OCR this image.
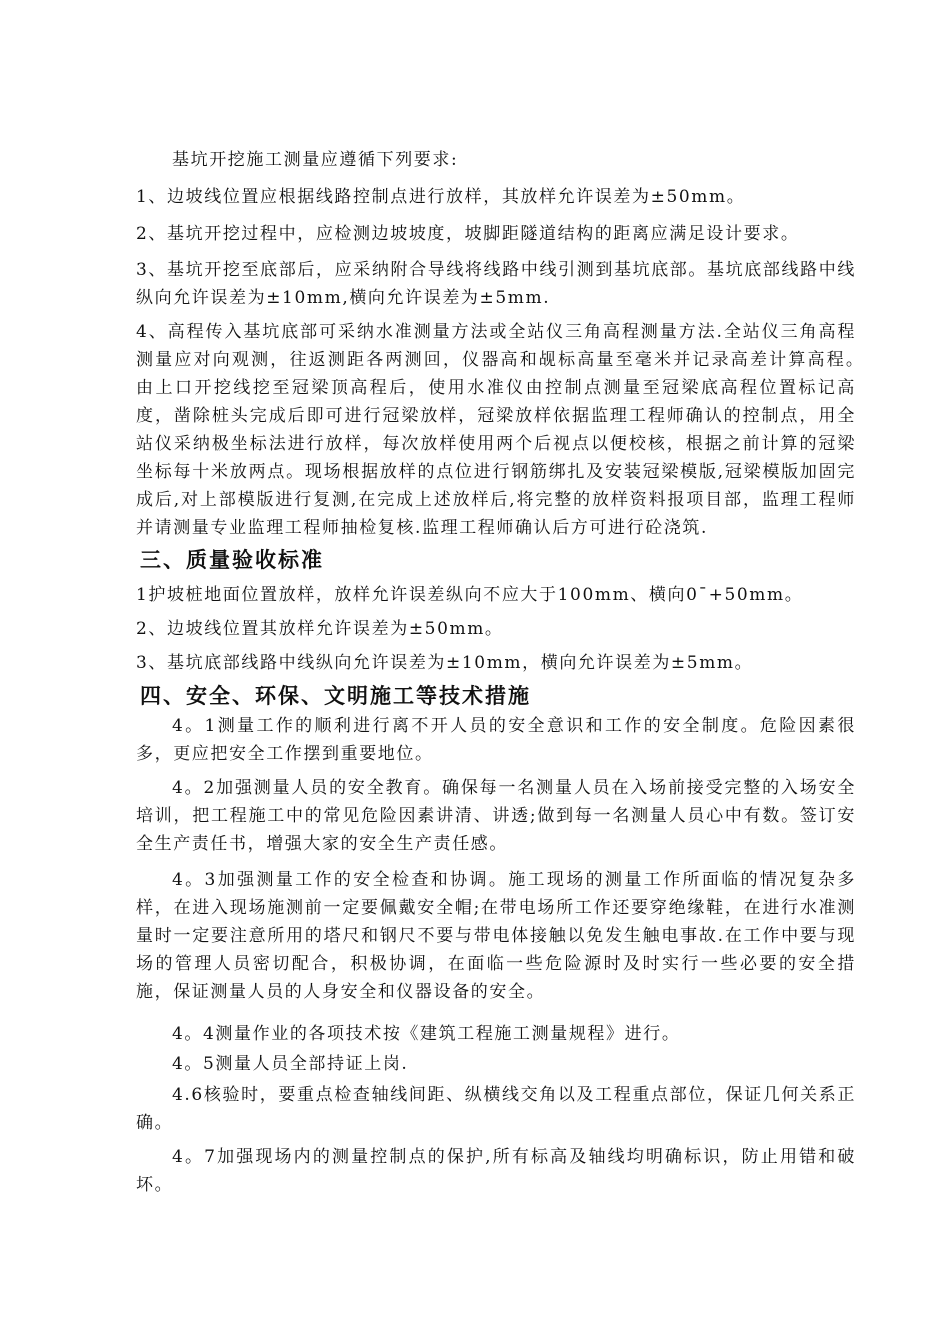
基坑开挖施工测量应遵循下列要求:

1、边坡线位置应根据线路控制点进行放样，其放样允许误差为±50mm。

2、基坑开挖过程中，应检测边坡坡度，坡脚距隧道结构的距离应满足设计要求。

3、基坑开挖至底部后，应采纳附合导线将线路中线引测到基坑底部。基坑底部线路中线纵向允许误差为±10mm,横向允许误差为±5mm.

4、高程传入基坑底部可采纳水准测量方法或全站仪三角高程测量方法.全站仪三角高程测量应对向观测，往返测距各两测回，仪器高和觇标高量至毫米并记录高差计算高程。　　由上口开挖线挖至冠梁顶高程后，使用水准仪由控制点测量至冠梁底高程位置标记高度，凿除桩头完成后即可进行冠梁放样，冠梁放样依据监理工程师确认的控制点，用全站仪采纳极坐标法进行放样，每次放样使用两个后视点以便校核，根据之前计算的冠梁坐标每十米放两点。现场根据放样的点位进行钢筋绑扎及安装冠梁模版,冠梁模版加固完成后,对上部模版进行复测,在完成上述放样后,将完整的放样资料报项目部，监理工程师并请测量专业监理工程师抽检复核.监理工程师确认后方可进行砼浇筑.

三、质量验收标准

1护坡桩地面位置放样，放样允许误差纵向不应大于100mm、横向0¯+50mm。

2、边坡线位置其放样允许误差为±50mm。

3、基坑底部线路中线纵向允许误差为±10mm，横向允许误差为±5mm。

四、安全、环保、文明施工等技术措施

4。1测量工作的顺利进行离不开人员的安全意识和工作的安全制度。危险因素很多，更应把安全工作摆到重要地位。

4。2加强测量人员的安全教育。确保每一名测量人员在入场前接受完整的入场安全培训，把工程施工中的常见危险因素讲清、讲透;做到每一名测量人员心中有数。签订安全生产责任书，增强大家的安全生产责任感。

4。3加强测量工作的安全检查和协调。施工现场的测量工作所面临的情况复杂多样，在进入现场施测前一定要佩戴安全帽;在带电场所工作还要穿绝缘鞋，在进行水准测量时一定要注意所用的塔尺和钢尺不要与带电体接触以免发生触电事故.在工作中要与现场的管理人员密切配合，积极协调，在面临一些危险源时及时实行一些必要的安全措施，保证测量人员的人身安全和仪器设备的安全。

4。4测量作业的各项技术按《建筑工程施工测量规程》进行。

4。5测量人员全部持证上岗.

4.6核验时，要重点检查轴线间距、纵横线交角以及工程重点部位，保证几何关系正确。

4。7加强现场内的测量控制点的保护,所有标高及轴线均明确标识，防止用错和破坏。
